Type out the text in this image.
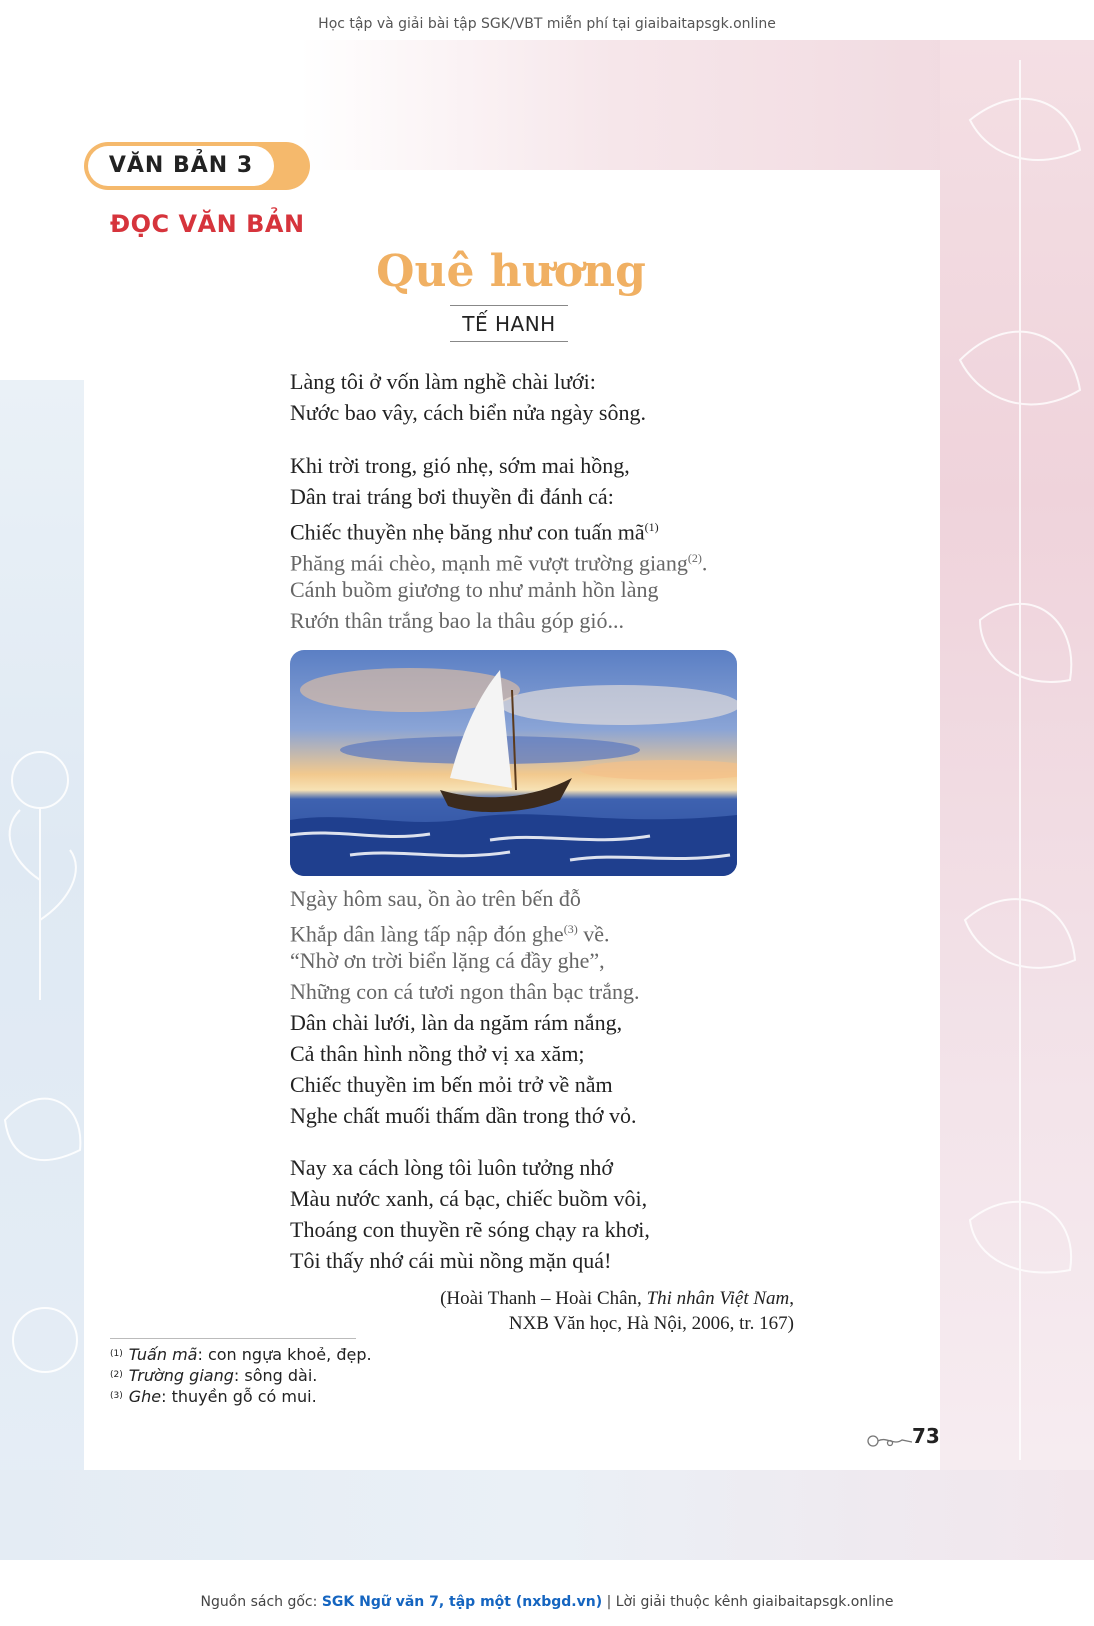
Học tập và giải bài tập SGK/VBT miễn phí tại giaibaitapsgk.online
VĂN BẢN 3
ĐỌC VĂN BẢN
Quê hương
TẾ HANH
Làng tôi ở vốn làm nghề chài lưới:
Nước bao vây, cách biển nửa ngày sông.
Khi trời trong, gió nhẹ, sớm mai hồng,
Dân trai tráng bơi thuyền đi đánh cá:
Chiếc thuyền nhẹ băng như con tuấn $mã^{(1)}$
Phăng mái chèo, mạnh mẽ vượt trường giang$^{(2)}$.
Cánh buồm giương to như mảnh hồn làng
Rướn thân trắng bao la thâu góp gió...
Ngày hôm sau, ồn ào trên bến đỗ
Khắp dân làng tấp nập đón ghe$^{(3)}$ về.
“Nhờ ơn trời biển lặng cá đầy ghe”,
Những con cá tươi ngon thân bạc trắng.
Dân chài lưới, làn da ngăm rám nắng,
Cả thân hình nồng thở vị xa xăm;
Chiếc thuyền im bến mỏi trở về nằm
Nghe chất muối thấm dần trong thớ vỏ.
Nay xa cách lòng tôi luôn tưởng nhớ
Màu nước xanh, cá bạc, chiếc buồm vôi,
Thoáng con thuyền rẽ sóng chạy ra khơi,
Tôi thấy nhớ cái mùi nồng mặn quá!
(Hoài Thanh – Hoài Chân, Thi nhân Việt Nam,
NXB Văn học, Hà Nội, 2006, tr. 167)
$^{(1)}$ Tuấn mã: con ngựa khoẻ, đẹp.
$^{(2)}$ Trường giang: sông dài.
$^{(3)}$ Ghe: thuyền gỗ có mui.
73
Nguồn sách gốc: SGK Ngữ văn 7, tập một (nxbgd.vn) | Lời giải thuộc kênh giaibaitapsgk.online
